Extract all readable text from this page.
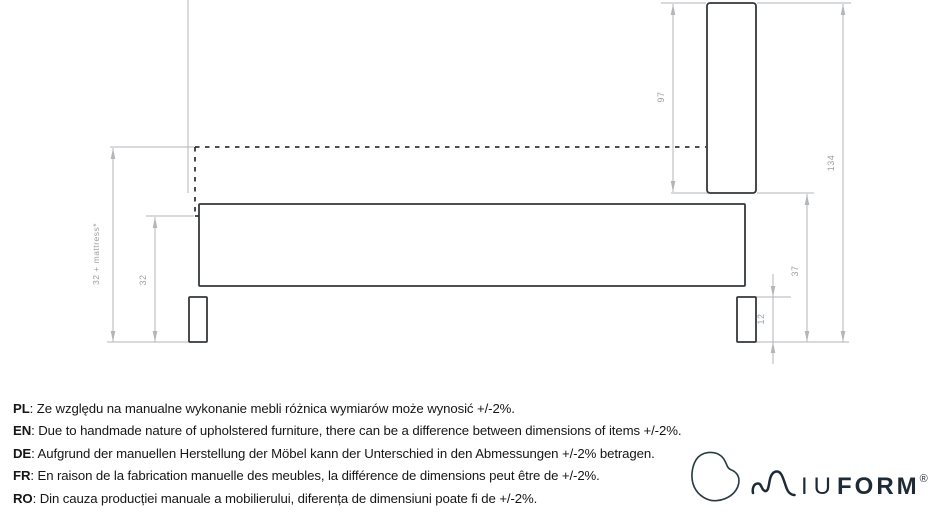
32 + mattress*	32
97
134
37
12
PL: Ze względu na manualne wykonanie mebli różnica wymiarów może wynosić +/-2%.
EN: Due to handmade nature of upholstered furniture, there can be a difference between dimensions of items +/-2%.
DE: Aufgrund der manuellen Herstellung der Möbel kann der Unterschied in den Abmessungen +/-2% betragen.
FR: En raison de la fabrication manuelle des meubles, la différence de dimensions peut être de +/-2%.
RO: Din cauza producției manuale a mobilierului, diferența de dimensiuni poate fi de +/-2%.	IU FORM ®
